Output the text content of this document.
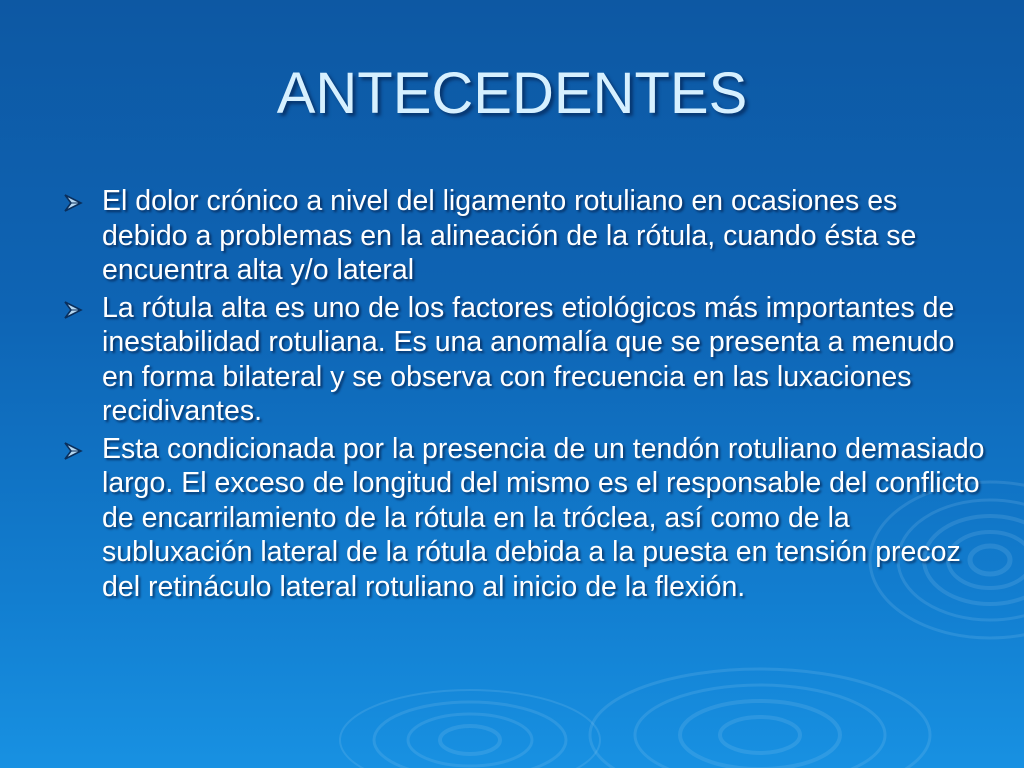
ANTECEDENTES
El dolor crónico a nivel del ligamento rotuliano en ocasiones es debido a problemas en la alineación de la rótula, cuando ésta se encuentra alta y/o lateral
La rótula alta es uno de los factores etiológicos más importantes de inestabilidad rotuliana. Es una anomalía que se presenta a menudo en forma bilateral y se observa con frecuencia en las luxaciones recidivantes.
Esta condicionada por la presencia de un tendón rotuliano demasiado largo. El exceso de longitud del mismo es el responsable del conflicto de encarrilamiento de la rótula en la tróclea, así como de la subluxación lateral de la rótula debida a la puesta en tensión precoz del retináculo lateral rotuliano al inicio de la flexión.
